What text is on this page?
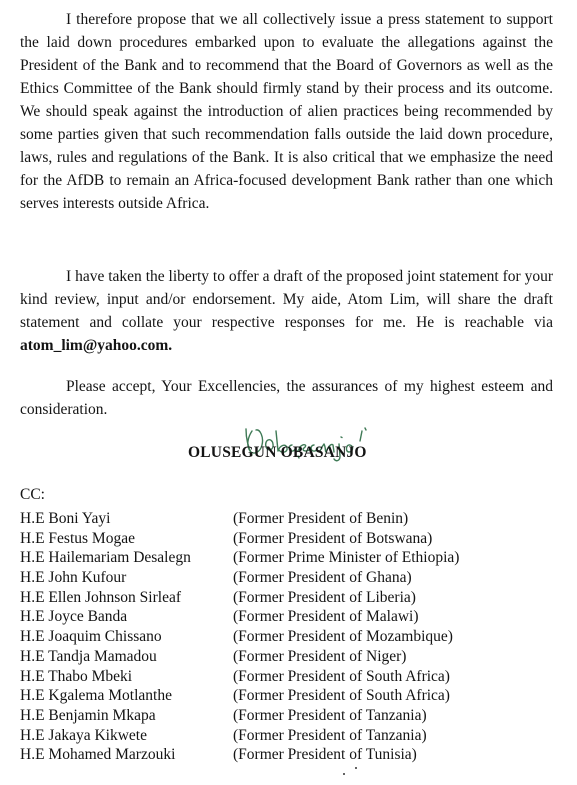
I therefore propose that we all collectively issue a press statement to support the laid down procedures embarked upon to evaluate the allegations against the President of the Bank and to recommend that the Board of Governors as well as the Ethics Committee of the Bank should firmly stand by their process and its outcome. We should speak against the introduction of alien practices being recommended by some parties given that such recommendation falls outside the laid down procedure, laws, rules and regulations of the Bank. It is also critical that we emphasize the need for the AfDB to remain an Africa-focused development Bank rather than one which serves interests outside Africa.

I have taken the liberty to offer a draft of the proposed joint statement for your kind review, input and/or endorsement. My aide, Atom Lim, will share the draft statement and collate your respective responses for me. He is reachable via atom_lim@yahoo.com.

Please accept, Your Excellencies, the assurances of my highest esteem and consideration.

OLUSEGUN OBASANJO
CC:
H.E Boni Yayi	(Former President of Benin)
H.E Festus Mogae	(Former President of Botswana)
H.E Hailemariam Desalegn	(Former Prime Minister of Ethiopia)
H.E John Kufour	(Former President of Ghana)
H.E Ellen Johnson Sirleaf	(Former President of Liberia)
H.E Joyce Banda	(Former President of Malawi)
H.E Joaquim Chissano	(Former President of Mozambique)
H.E Tandja Mamadou	(Former President of Niger)
H.E Thabo Mbeki	(Former President of South Africa)
H.E Kgalema Motlanthe	(Former President of South Africa)
H.E Benjamin Mkapa	(Former President of Tanzania)
H.E Jakaya Kikwete	(Former President of Tanzania)
H.E Mohamed Marzouki	(Former President of Tunisia)
